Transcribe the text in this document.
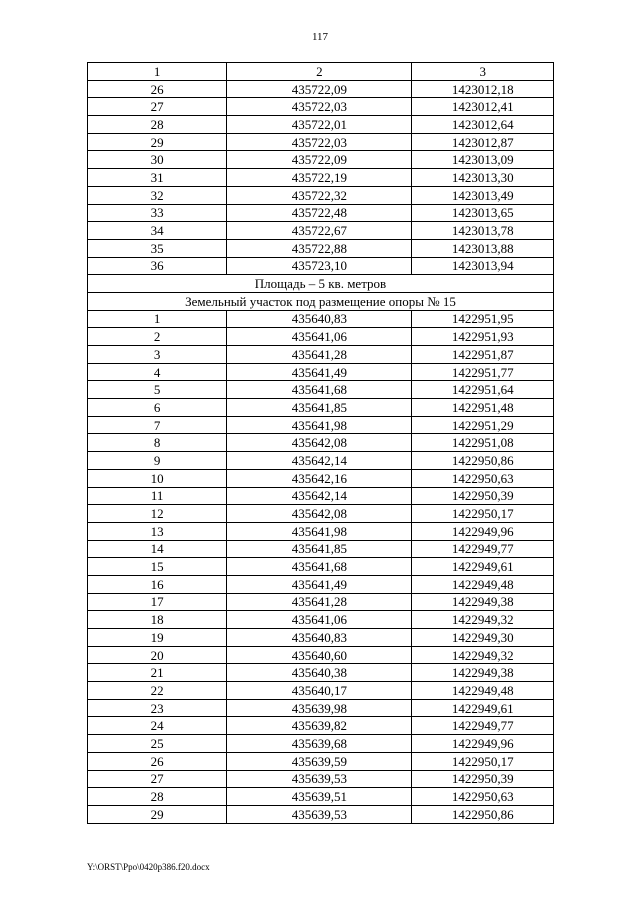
117
1	2	3
26	435722,09	1423012,18
27	435722,03	1423012,41
28	435722,01	1423012,64
29	435722,03	1423012,87
30	435722,09	1423013,09
31	435722,19	1423013,30
32	435722,32	1423013,49
33	435722,48	1423013,65
34	435722,67	1423013,78
35	435722,88	1423013,88
36	435723,10	1423013,94
Площадь – 5 кв. метров		
Земельный участок под размещение опоры № 15		
1	435640,83	1422951,95
2	435641,06	1422951,93
3	435641,28	1422951,87
4	435641,49	1422951,77
5	435641,68	1422951,64
6	435641,85	1422951,48
7	435641,98	1422951,29
8	435642,08	1422951,08
9	435642,14	1422950,86
10	435642,16	1422950,63
11	435642,14	1422950,39
12	435642,08	1422950,17
13	435641,98	1422949,96
14	435641,85	1422949,77
15	435641,68	1422949,61
16	435641,49	1422949,48
17	435641,28	1422949,38
18	435641,06	1422949,32
19	435640,83	1422949,30
20	435640,60	1422949,32
21	435640,38	1422949,38
22	435640,17	1422949,48
23	435639,98	1422949,61
24	435639,82	1422949,77
25	435639,68	1422949,96
26	435639,59	1422950,17
27	435639,53	1422950,39
28	435639,51	1422950,63
29	435639,53	1422950,86
Y:\ORST\Ppo\0420p386.f20.docx
